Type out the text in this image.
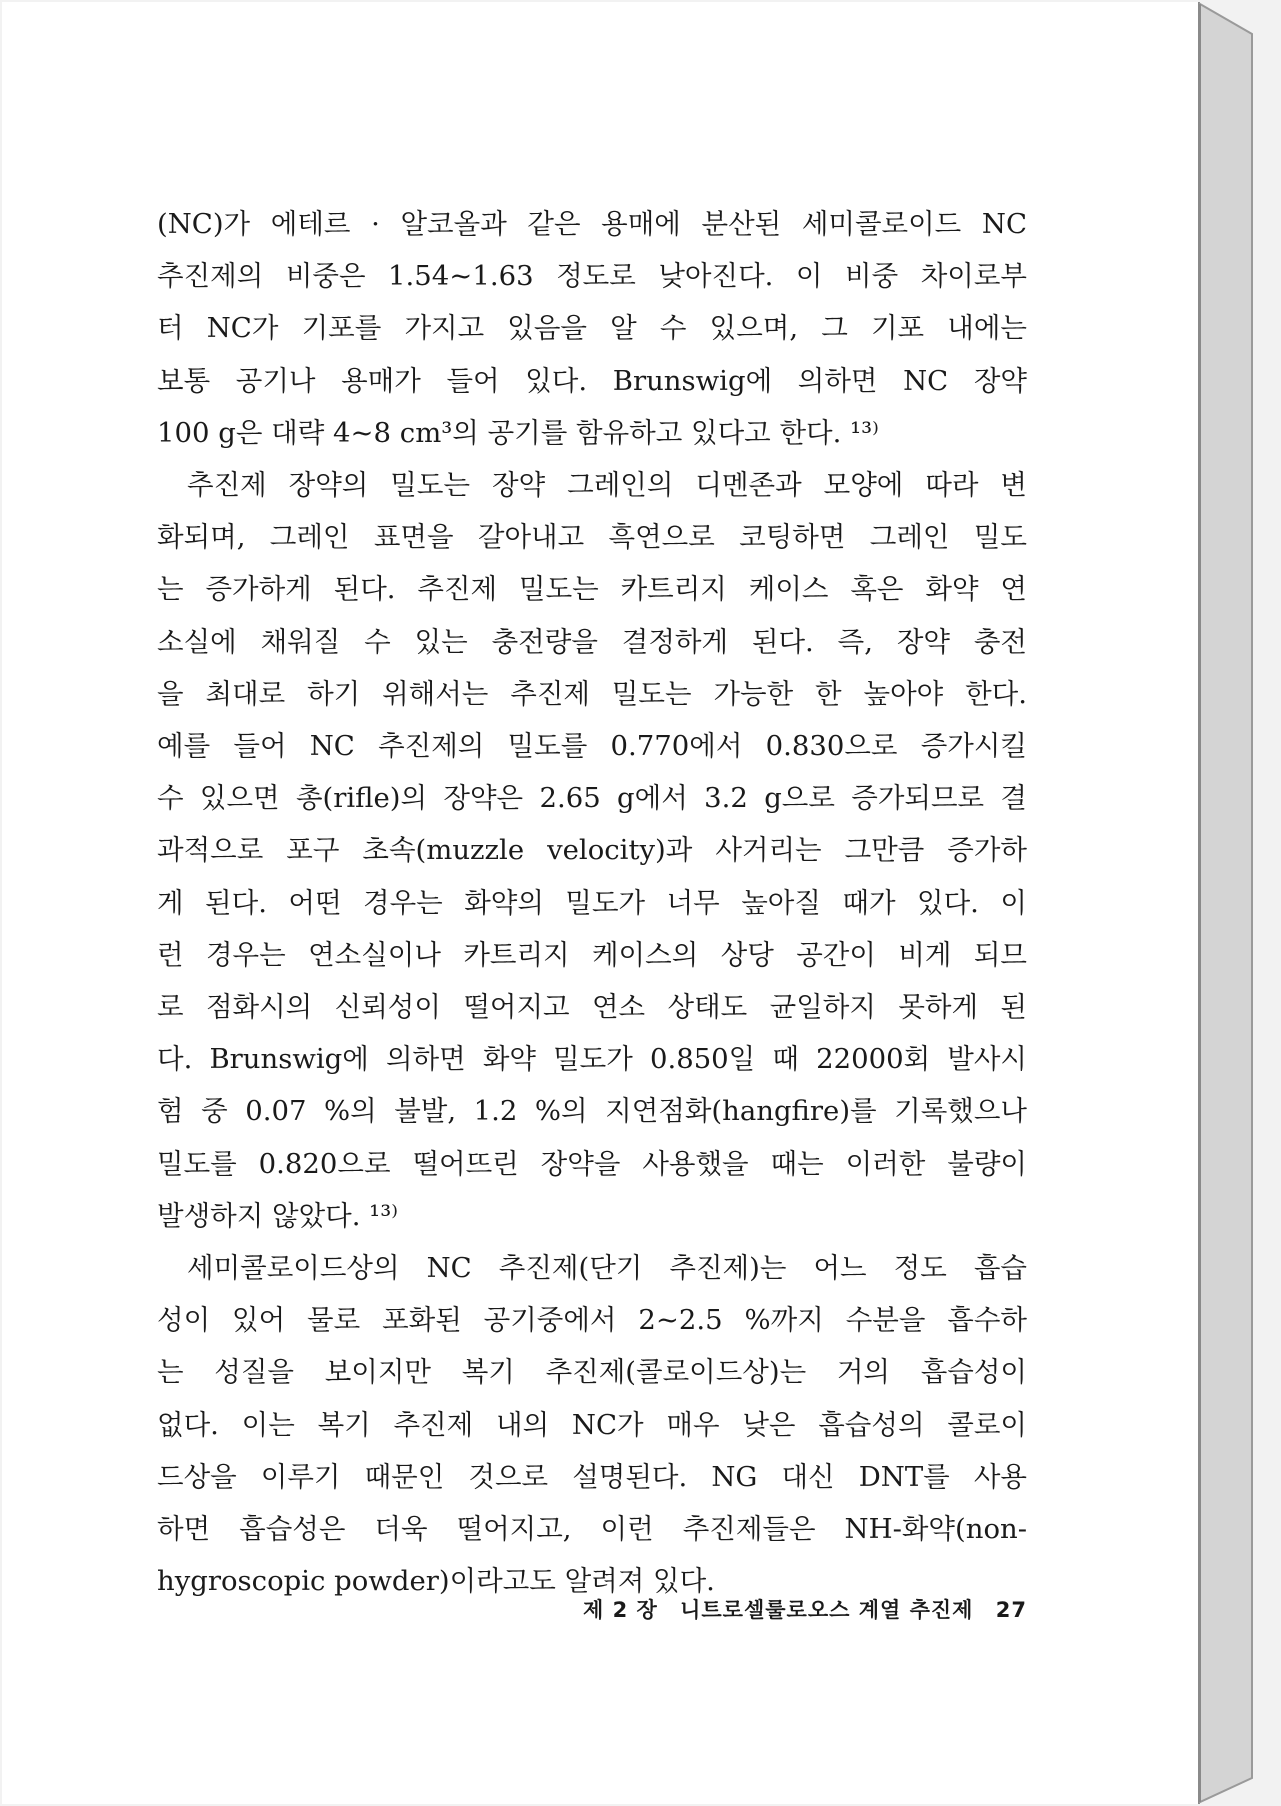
(NC)가 에테르 · 알코올과 같은 용매에 분산된 세미콜로이드 NC
추진제의 비중은 1.54~1.63 정도로 낮아진다. 이 비중 차이로부
터 NC가 기포를 가지고 있음을 알 수 있으며, 그 기포 내에는
보통 공기나 용매가 들어 있다. Brunswig에 의하면 NC 장약
100 g은 대략 4~8 cm³의 공기를 함유하고 있다고 한다. ¹³⁾

추진제 장약의 밀도는 장약 그레인의 디멘존과 모양에 따라 변
화되며, 그레인 표면을 갈아내고 흑연으로 코팅하면 그레인 밀도
는 증가하게 된다. 추진제 밀도는 카트리지 케이스 혹은 화약 연
소실에 채워질 수 있는 충전량을 결정하게 된다. 즉, 장약 충전
을 최대로 하기 위해서는 추진제 밀도는 가능한 한 높아야 한다.
예를 들어 NC 추진제의 밀도를 0.770에서 0.830으로 증가시킬
수 있으면 총(rifle)의 장약은 2.65 g에서 3.2 g으로 증가되므로 결
과적으로 포구 초속(muzzle velocity)과 사거리는 그만큼 증가하
게 된다. 어떤 경우는 화약의 밀도가 너무 높아질 때가 있다. 이
런 경우는 연소실이나 카트리지 케이스의 상당 공간이 비게 되므
로 점화시의 신뢰성이 떨어지고 연소 상태도 균일하지 못하게 된
다. Brunswig에 의하면 화약 밀도가 0.850일 때 22000회 발사시
험 중 0.07 %의 불발, 1.2 %의 지연점화(hangfire)를 기록했으나
밀도를 0.820으로 떨어뜨린 장약을 사용했을 때는 이러한 불량이
발생하지 않았다. ¹³⁾

세미콜로이드상의 NC 추진제(단기 추진제)는 어느 정도 흡습
성이 있어 물로 포화된 공기중에서 2~2.5 %까지 수분을 흡수하
는 성질을 보이지만 복기 추진제(콜로이드상)는 거의 흡습성이
없다. 이는 복기 추진제 내의 NC가 매우 낮은 흡습성의 콜로이
드상을 이루기 때문인 것으로 설명된다. NG 대신 DNT를 사용
하면 흡습성은 더욱 떨어지고, 이런 추진제들은 NH-화약(non-
hygroscopic powder)이라고도 알려져 있다.

제 2 장 니트로셀룰로오스 계열 추진제 27
